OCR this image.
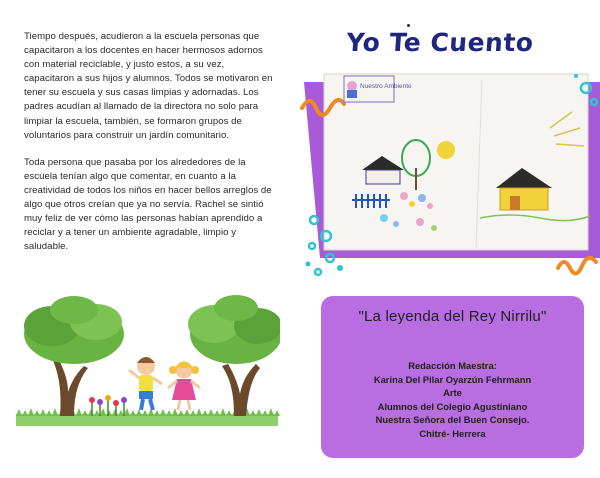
Tiempo después, acudieron a la escuela personas que capacitaron a los docentes en hacer hermosos adornos con material reciclable, y justo estos, a su vez, capacitaron a sus hijos y alumnos. Todos se motivaron en tener su escuela y sus casas limpias y adornadas. Los padres acudían al llamado de la directora no solo para limpiar la escuela, también, se formaron grupos de voluntarios para construir un jardín comunitario.

Toda persona que pasaba por los alrededores de la escuela tenían algo que comentar, en cuanto a la creatividad de todos los niños en hacer bellos arreglos de algo que otros creían que ya no servía. Rachel se sintió muy feliz de ver cómo las personas habían aprendido a reciclar y a tener un ambiente agradable, limpio y saludable.

Yo Te Cuento
Nuestro Ambiente
"La leyenda del Rey Nirrilu"
Redacción Maestra:
Karina Del Pilar Oyarzún Fehrmann
Arte
Alumnos del Colegio Agustiniano
Nuestra Señora del Buen Consejo.
Chitré- Herrera
